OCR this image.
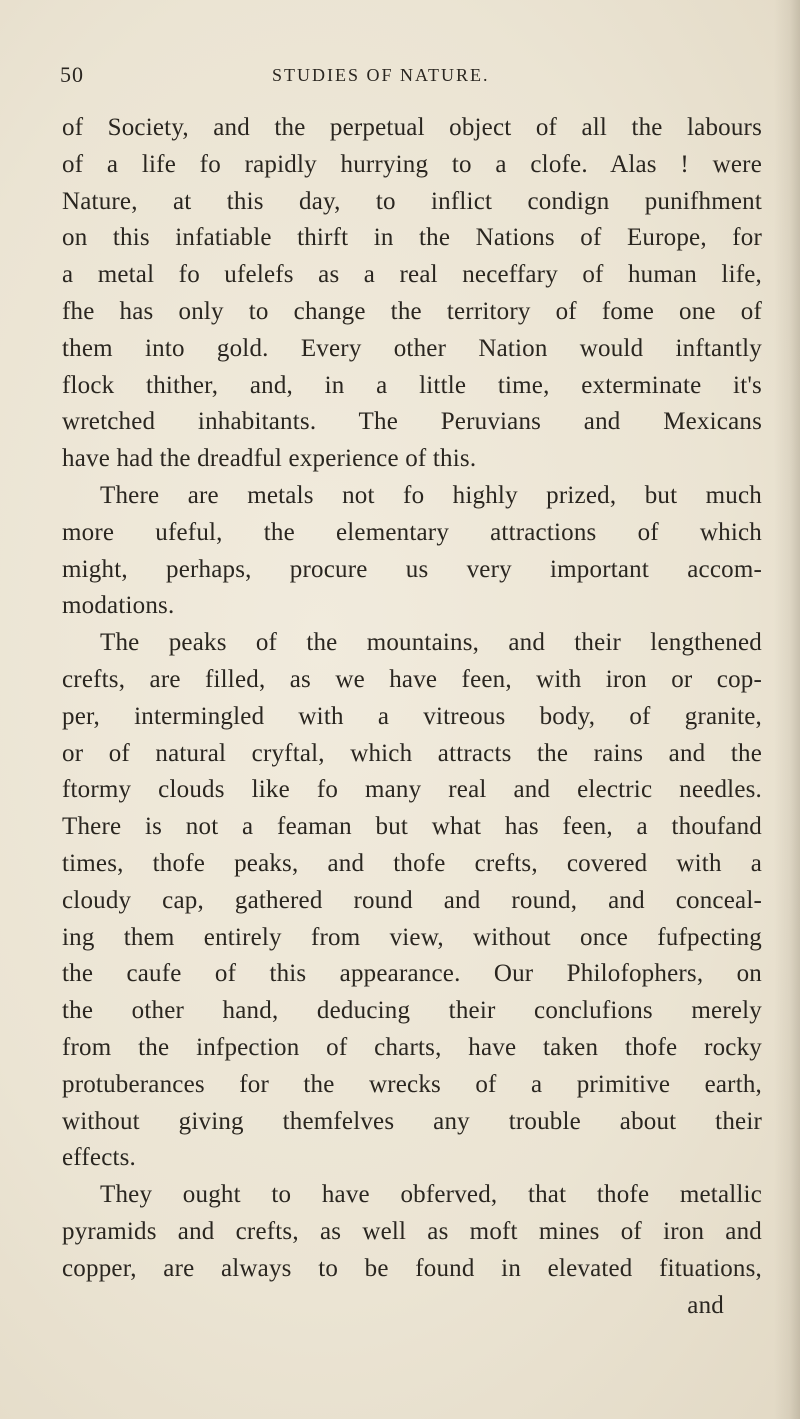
50	STUDIES OF NATURE.
of Society, and the perpetual object of all the labours
of a life fo rapidly hurrying to a clofe. Alas ! were
Nature, at this day, to inflict condign punifhment
on this infatiable thirft in the Nations of Europe, for
a metal fo ufelefs as a real neceffary of human life,
fhe has only to change the territory of fome one of
them into gold. Every other Nation would inftantly
flock thither, and, in a little time, exterminate it's
wretched inhabitants. The Peruvians and Mexicans
have had the dreadful experience of this.
There are metals not fo highly prized, but much
more ufeful, the elementary attractions of which
might, perhaps, procure us very important accom-
modations.
The peaks of the mountains, and their lengthened
crefts, are filled, as we have feen, with iron or cop-
per, intermingled with a vitreous body, of granite,
or of natural cryftal, which attracts the rains and the
ftormy clouds like fo many real and electric needles.
There is not a feaman but what has feen, a thoufand
times, thofe peaks, and thofe crefts, covered with a
cloudy cap, gathered round and round, and conceal-
ing them entirely from view, without once fufpecting
the caufe of this appearance. Our Philofophers, on
the other hand, deducing their conclufions merely
from the infpection of charts, have taken thofe rocky
protuberances for the wrecks of a primitive earth,
without giving themfelves any trouble about their
effects.
They ought to have obferved, that thofe metallic
pyramids and crefts, as well as moft mines of iron and
copper, are always to be found in elevated fituations,
and
